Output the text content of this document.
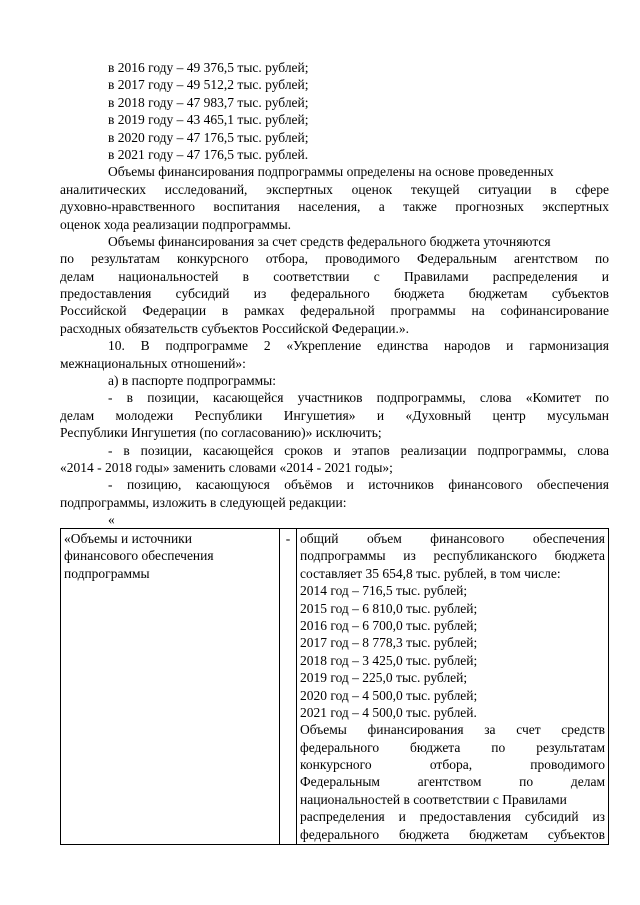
в 2016 году – 49 376,5 тыс. рублей;
в 2017 году – 49 512,2 тыс. рублей;
в 2018 году – 47 983,7 тыс. рублей;
в 2019 году – 43 465,1 тыс. рублей;
в 2020 году – 47 176,5 тыс. рублей;
в 2021 году – 47 176,5 тыс. рублей.
Объемы финансирования подпрограммы определены на основе проведенных
аналитических исследований, экспертных оценок текущей ситуации в сфере
духовно-нравственного воспитания населения, а также прогнозных экспертных
оценок хода реализации подпрограммы.
Объемы финансирования за счет средств федерального бюджета уточняются
по результатам конкурсного отбора, проводимого Федеральным агентством по
делам национальностей в соответствии с Правилами распределения и
предоставления субсидий из федерального бюджета бюджетам субъектов
Российской Федерации в рамках федеральной программы на софинансирование
расходных обязательств субъектов Российской Федерации.».
10. В подпрограмме 2 «Укрепление единства народов и гармонизация
межнациональных отношений»:
а) в паспорте подпрограммы:
- в позиции, касающейся участников подпрограммы, слова «Комитет по
делам молодежи Республики Ингушетия» и «Духовный центр мусульман
Республики Ингушетия (по согласованию)» исключить;
- в позиции, касающейся сроков и этапов реализации подпрограммы, слова
«2014 - 2018 годы» заменить словами «2014 - 2021 годы»;
- позицию, касающуюся объёмов и источников финансового обеспечения
подпрограммы, изложить в следующей редакции:
«
«Объемы и источники
финансового обеспечения
подпрограммы
	-	общий объем финансового обеспечения
подпрограммы из республиканского бюджета
составляет 35 654,8 тыс. рублей, в том числе:
2014 год – 716,5 тыс. рублей;
2015 год – 6 810,0 тыс. рублей;
2016 год – 6 700,0 тыс. рублей;
2017 год – 8 778,3 тыс. рублей;
2018 год – 3 425,0 тыс. рублей;
2019 год – 225,0 тыс. рублей;
2020 год – 4 500,0 тыс. рублей;
2021 год – 4 500,0 тыс. рублей.
Объемы финансирования за счет средств
федерального бюджета по результатам
конкурсного отбора, проводимого
Федеральным агентством по делам
национальностей в соответствии с Правилами
распределения и предоставления субсидий из
федерального бюджета бюджетам субъектов
